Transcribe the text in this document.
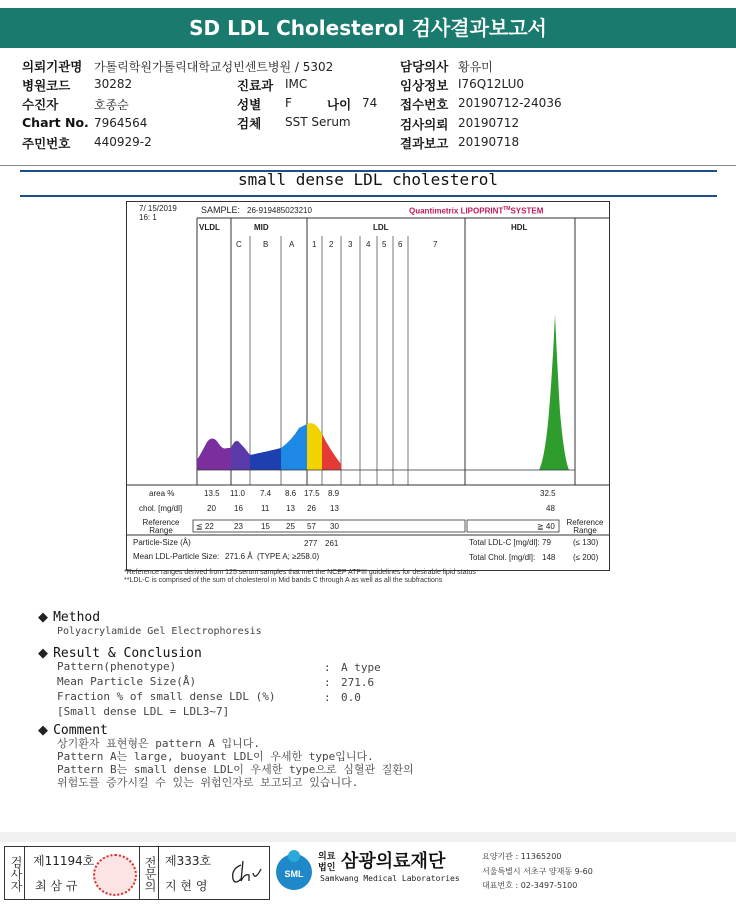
SD LDL Cholesterol 검사결과보고서
의뢰기관명 가톨릭학원가톨릭대학교성빈센트병원 / 5302	담당의사 황유미
병원코드 30282	진료과 IMC	임상정보 I76Q12LU0
수진자	호종순	성별 F	나이 74 접수번호 20190712-24036
Chart No. 7964564	검체 SST Serum	검사의뢰 20190712
주민번호 440929-2	결과보고 20190718
small dense LDL cholesterol
7/ 15/2019
16: 1
SAMPLE: 26-919485023210	Quantimetrix LIPOPRINT™SYSTEM
VLDL	MID	LDL	HDL
C	B	A 1 2 3 4 5 6	7
area %	13.5 11.0 7.4 8.6 17.5 8.9	32.5
chol. [mg/dl]	20 16 11 13 26 13	48
Reference Range	≦ 22	23 15 25 57 30	≧ 40	Reference Range
Particle-Size (Å)	277 261	Total LDL-C [mg/dl]: 79	(≤ 130)
Mean LDL-Particle Size: 271.6 Å (TYPE A; ≥258.0)	Total Chol. [mg/dl]: 148 (≤ 200)
*Reference ranges derived from 125 serum samples that met the NCEP ATPIII guidelines for desirable lipid status
**LDL-C is comprised of the sum of cholesterol in Mid bands C through A as well as all the subfractions
◆ Method
Polyacrylamide Gel Electrophoresis
◆ Result & Conclusion
Pattern(phenotype)	: A type
Mean Particle Size(Å)	: 271.6
Fraction % of small dense LDL (%)	: 0.0
[Small dense LDL = LDL3~7]
◆ Comment
상기환자 표현형은 pattern A 입니다.
Pattern A는 large, buoyant LDL이 우세한 type입니다.
Pattern B는 small dense LDL이 우세한 type으로 심혈관 질환의
위험도를 증가시킬 수 있는 위험인자로 보고되고 있습니다.
검사자 제11194호
최 삼 규	전문의 제333호
지 현 영
SML
의료법인 삼광의료재단
Samkwang Medical Laboratories
요양기관 : 11365200
서울특별시 서초구 양재동 9-60
대표번호 : 02-3497-5100
